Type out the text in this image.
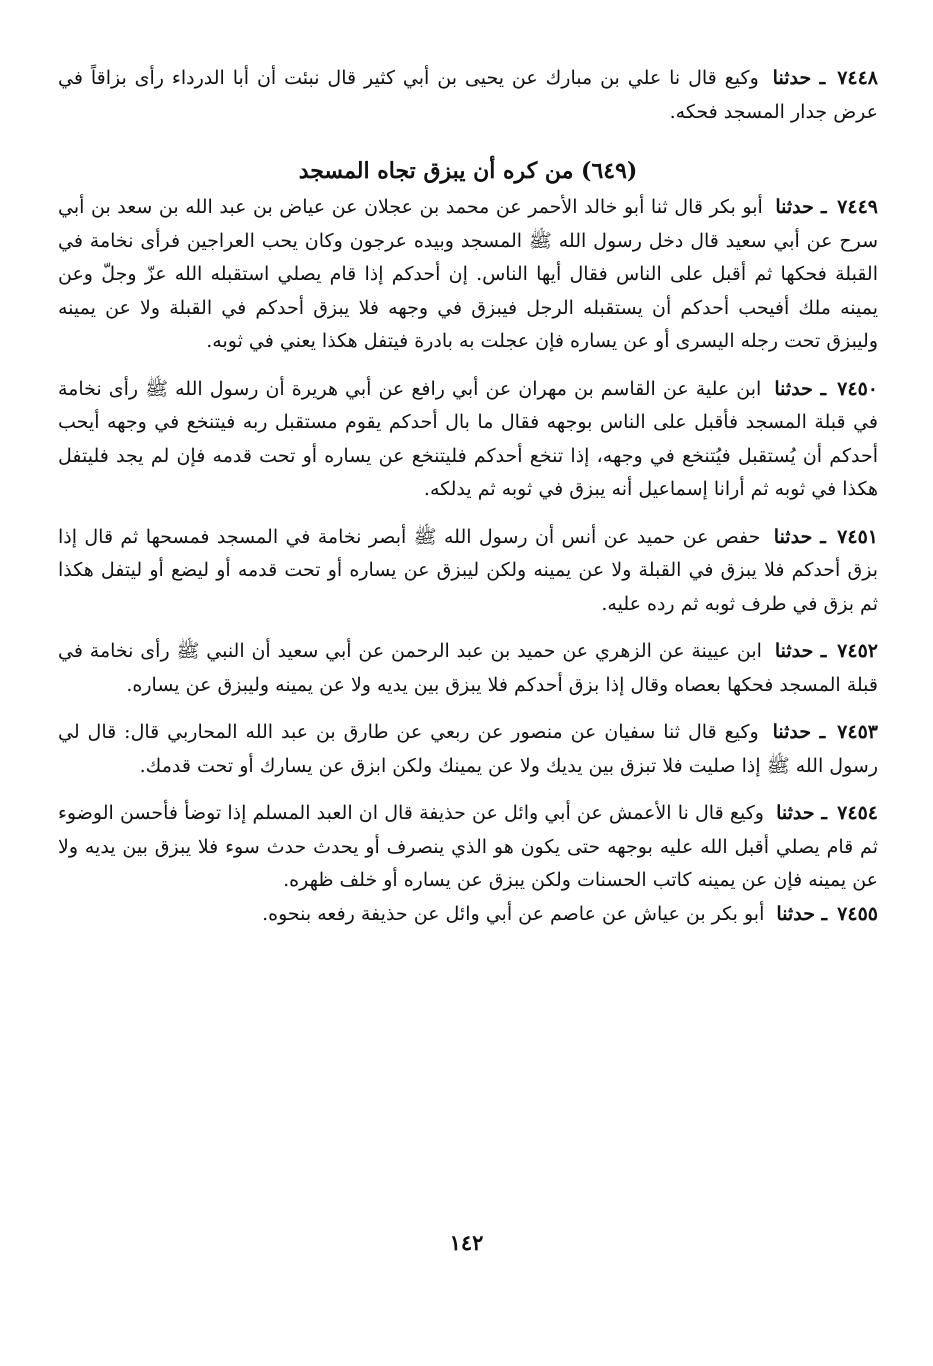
٧٤٤٨ ـ حدثنا وكيع قال نا علي بن مبارك عن يحيى بن أبي كثير قال نبئت أن أبا الدرداء رأى بزاقاً في عرض جدار المسجد فحكه.

(٦٤٩) من كره أن يبزق تجاه المسجد

٧٤٤٩ ـ حدثنا أبو بكر قال ثنا أبو خالد الأحمر عن محمد بن عجلان عن عياض بن عبد الله بن سعد بن أبي سرح عن أبي سعيد قال دخل رسول الله ﷺ المسجد وبيده عرجون وكان يحب العراجين فرأى نخامة في القبلة فحكها ثم أقبل على الناس فقال أيها الناس. إن أحدكم إذا قام يصلي استقبله الله عزّ وجلّ وعن يمينه ملك أفيحب أحدكم أن يستقبله الرجل فيبزق في وجهه فلا يبزق أحدكم في القبلة ولا عن يمينه وليبزق تحت رجله اليسرى أو عن يساره فإن عجلت به بادرة فيتفل هكذا يعني في ثوبه.

٧٤٥٠ ـ حدثنا ابن علية عن القاسم بن مهران عن أبي رافع عن أبي هريرة أن رسول الله ﷺ رأى نخامة في قبلة المسجد فأقبل على الناس بوجهه فقال ما بال أحدكم يقوم مستقبل ربه فيتنخع في وجهه أيحب أحدكم أن يُستقبل فيُتنخع في وجهه، إذا تنخع أحدكم فليتنخع عن يساره أو تحت قدمه فإن لم يجد فليتفل هكذا في ثوبه ثم أرانا إسماعيل أنه يبزق في ثوبه ثم يدلكه.

٧٤٥١ ـ حدثنا حفص عن حميد عن أنس أن رسول الله ﷺ أبصر نخامة في المسجد فمسحها ثم قال إذا بزق أحدكم فلا يبزق في القبلة ولا عن يمينه ولكن ليبزق عن يساره أو تحت قدمه أو ليضع أو ليتفل هكذا ثم بزق في طرف ثوبه ثم رده عليه.

٧٤٥٢ ـ حدثنا ابن عيينة عن الزهري عن حميد بن عبد الرحمن عن أبي سعيد أن النبي ﷺ رأى نخامة في قبلة المسجد فحكها بعصاه وقال إذا بزق أحدكم فلا يبزق بين يديه ولا عن يمينه وليبزق عن يساره.

٧٤٥٣ ـ حدثنا وكيع قال ثنا سفيان عن منصور عن ربعي عن طارق بن عبد الله المحاربي قال: قال لي رسول الله ﷺ إذا صليت فلا تبزق بين يديك ولا عن يمينك ولكن ابزق عن يسارك أو تحت قدمك.

٧٤٥٤ ـ حدثنا وكيع قال نا الأعمش عن أبي وائل عن حذيفة قال ان العبد المسلم إذا توضأ فأحسن الوضوء ثم قام يصلي أقبل الله عليه بوجهه حتى يكون هو الذي ينصرف أو يحدث حدث سوء فلا يبزق بين يديه ولا عن يمينه فإن عن يمينه كاتب الحسنات ولكن يبزق عن يساره أو خلف ظهره.

٧٤٥٥ ـ حدثنا أبو بكر بن عياش عن عاصم عن أبي وائل عن حذيفة رفعه بنحوه.

١٤٢
